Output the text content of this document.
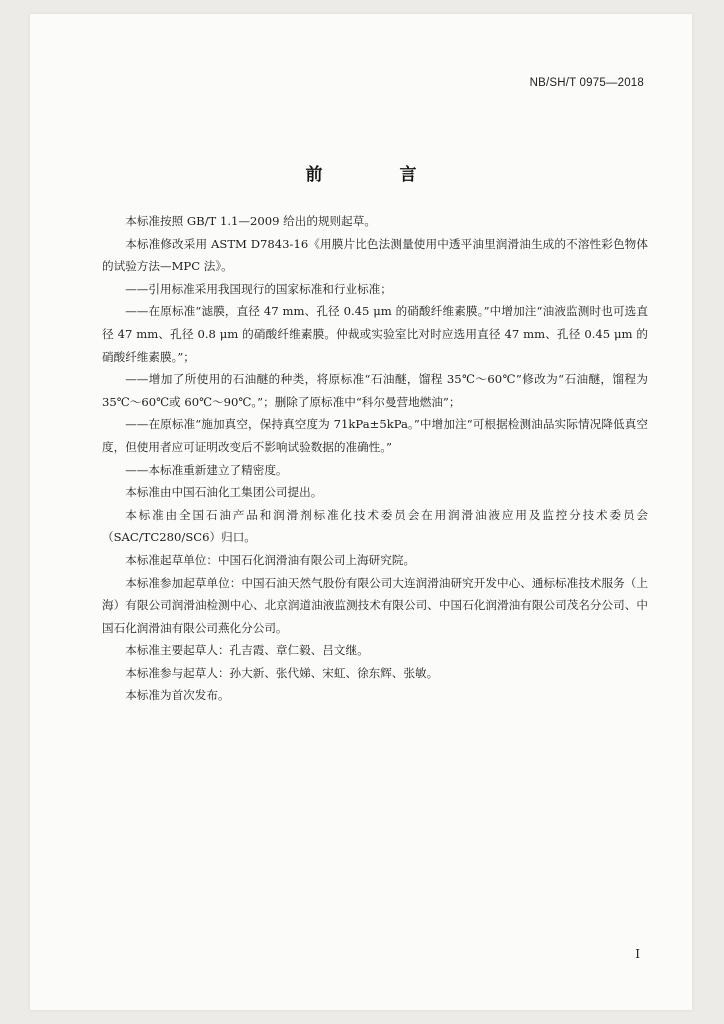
NB/SH/T 0975—2018
前　言

本标准按照 GB/T 1.1—2009 给出的规则起草。

本标准修改采用 ASTM D7843-16《用膜片比色法测量使用中透平油里润滑油生成的不溶性彩色物体的试验方法—MPC 法》。

——引用标准采用我国现行的国家标准和行业标准；

——在原标准“滤膜，直径 47 mm、孔径 0.45 μm 的硝酸纤维素膜。”中增加注“油液监测时也可选直径 47 mm、孔径 0.8 μm 的硝酸纤维素膜。仲裁或实验室比对时应选用直径 47 mm、孔径 0.45 μm 的硝酸纤维素膜。”；

——增加了所使用的石油醚的种类，将原标准“石油醚，馏程 35℃～60℃”修改为“石油醚，馏程为 35℃～60℃或 60℃～90℃。”；删除了原标准中“科尔曼营地燃油”；

——在原标准“施加真空，保持真空度为 71kPa±5kPa。”中增加注“可根据检测油品实际情况降低真空度，但使用者应可证明改变后不影响试验数据的准确性。”

——本标准重新建立了精密度。

本标准由中国石油化工集团公司提出。

本标准由全国石油产品和润滑剂标准化技术委员会在用润滑油液应用及监控分技术委员会（SAC/TC280/SC6）归口。

本标准起草单位：中国石化润滑油有限公司上海研究院。

本标准参加起草单位：中国石油天然气股份有限公司大连润滑油研究开发中心、通标标准技术服务（上海）有限公司润滑油检测中心、北京润道油液监测技术有限公司、中国石化润滑油有限公司茂名分公司、中国石化润滑油有限公司燕化分公司。

本标准主要起草人：孔吉霞、章仁毅、吕文继。

本标准参与起草人：孙大新、张代娣、宋虹、徐东辉、张敏。

本标准为首次发布。

I
